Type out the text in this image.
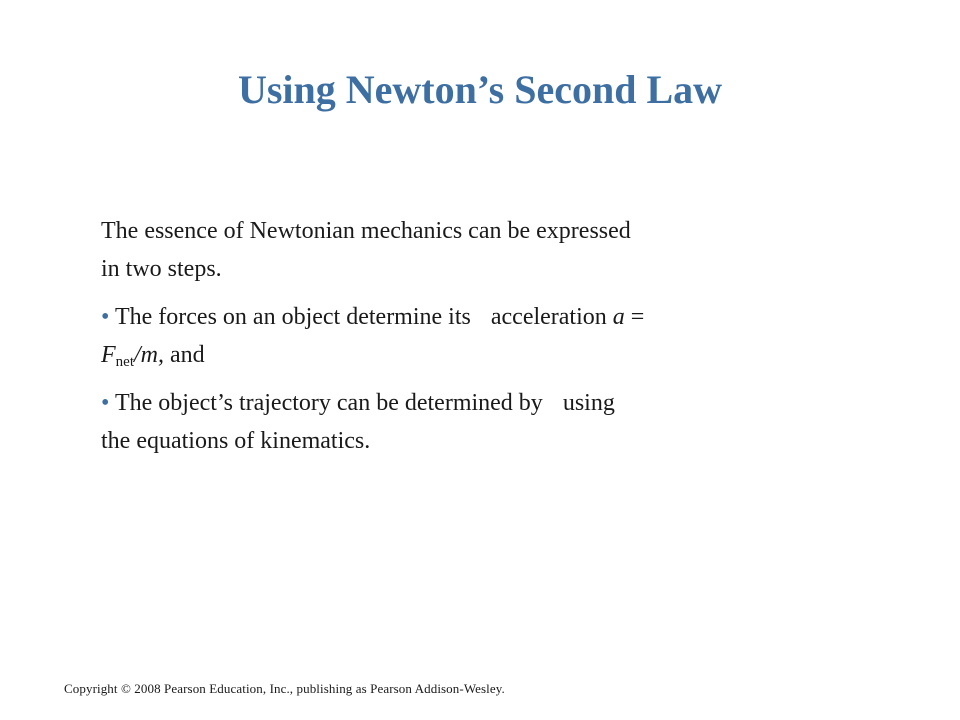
Using Newton’s Second Law

The essence of Newtonian mechanics can be expressed
in two steps.

• The forces on an object determine its acceleration a =
$F_{net}/m$, and

• The object’s trajectory can be determined by using
the equations of kinematics.

Copyright © 2008 Pearson Education, Inc., publishing as Pearson Addison-Wesley.
